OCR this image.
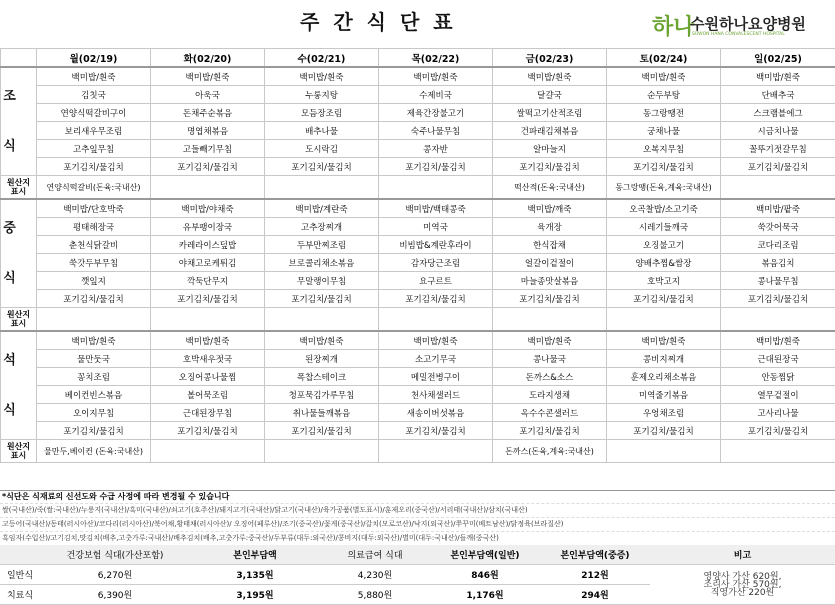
주간식단표	하나
수원하나요양병원
SUWON HANA CONVALESCENT HOSPITAL
	월(02/19)	화(02/20)	수(02/21)	목(02/22)	금(02/23)	토(02/24)	일(02/25)

조
식	백미밥/흰죽	백미밥/흰죽	백미밥/흰죽	백미밥/흰죽	백미밥/흰죽	백미밥/흰죽	백미밥/흰죽
	김칫국	아욱국	누룽지탕	수제비국	달걀국	순두부탕	단배추국
	연양식떡갈비구이	돈채주순볶음	모듬장조림	제육간장불고기	쌀떡고기산적조림	동그랑땡전	스크램블에그
	보리새우무조림	명엽채볶음	배추나물	숙주나물무침	건파래김채볶음	궁채나물	시금치나물
	고추잎무침	고들빼기무침	도시락김	콩자반	알마늘지	오복지무침	꼴뚜기젓갈무침
	포기김치/물김치	포기김치/물김치	포기김치/물김치	포기김치/물김치	포기김치/물김치	포기김치/물김치	포기김치/물김치
원산지
표시	연양식떡갈비(돈육:국내산)				떡산적(돈육:국내산)	동그랑땡(돈육,계육:국내산)	

중
식	백미밥/단호박죽	백미밥/야채죽	백미밥/계란죽	백미밥/백태콩죽	백미밥/깨죽	오곡찰밥/소고기죽	백미밥/팥죽
	평태해장국	유부팽이장국	고추장찌개	미역국	육개장	시레기들깨국	쑥갓어묵국
	춘천식닭갈비	카레라이스덮밥	두부만찌조림	비빔밥&계란후라이	한식잡채	오징불고기	코다리조림
	쑥갓두부무침	야채고로케튀김	브로콜리채소볶음	감자당근조림	얼갈이겉절이	양배추찜&쌈장	볶음김치
	깻잎지	깍둑단무지	무말랭이무침	요구르트	마늘종맛살볶음	호박고지	콩나물무침
	포기김치/물김치	포기김치/물김치	포기김치/물김치	포기김치/물김치	포기김치/물김치	포기김치/물김치	포기김치/물김치
원산지
표시							

석
식	백미밥/흰죽	백미밥/흰죽	백미밥/흰죽	백미밥/흰죽	백미밥/흰죽	백미밥/흰죽	백미밥/흰죽
	물만둣국	호박새우젓국	된장찌개	소고기무국	콩나물국	콩비지찌개	근대된장국
	꽁치조림	오징어콩나물찜	폭찹스테이크	메밀전병구이	돈까스&소스	훈제오리채소볶음	안동찜닭
	베이컨빈스볶음	볼어묵조림	청포묵김가루무침	천사채샐러드	도라지생채	미역줄기볶음	열무겉절이
	오이지무침	근대된장무침	취나물들깨볶음	새송이버섯볶음	옥수수콘샐러드	우엉채조림	고사리나물
	포기김치/물김치	포기김치/물김치	포기김치/물김치	포기김치/물김치	포기김치/물김치	포기김치/물김치	포기김치/물김치
원산지
표시	물만두,베이컨 (돈육:국내산)				돈까스(돈육,계육:국내산)		
*식단은 식재료의 신선도와 수급 사정에 따라 변경될 수 있습니다
쌀(국내산)/죽(쌀:국내산)/누룽지(국내산)/흑미(국내산)/쇠고기(호주산)/돼지고기(국내산)/닭고기(국내산)/육가공품(별도표시)/훈제오리(중국산)/서리태(국내산)/삼치(국내산)
고등어(국내산)/동태(러시아산)/코다리(러시아산)/북어채,황태채(러시아산)/ 오징어(페루산)/조기(중국산)/꽃게(중국산)/갈치(모로코산)/낙지(외국산)/쭈꾸미(베트남산)/닭정육(브라질산)
흑임자(수입산)/고기김치,맛김치(배추,고춧가루:국내산)/배추김치(배추,고춧가루:중국산)/두부류(대두:외국산)/콩비지(대두:외국산)/별미(대두:국내산)/들깨(중국산)
	건강보험 식대(가산포함)	본인부담액	의료급여 식대	본인부담액(일반)	본인부담액(중증)	비고
일반식	6,270원	3,135원	4,230원	846원	212원	영양사 가산 620원,
조리사 가산 570원,
직영가산 220원

치료식	6,390원	3,195원	5,880원	1,176원	294원	
